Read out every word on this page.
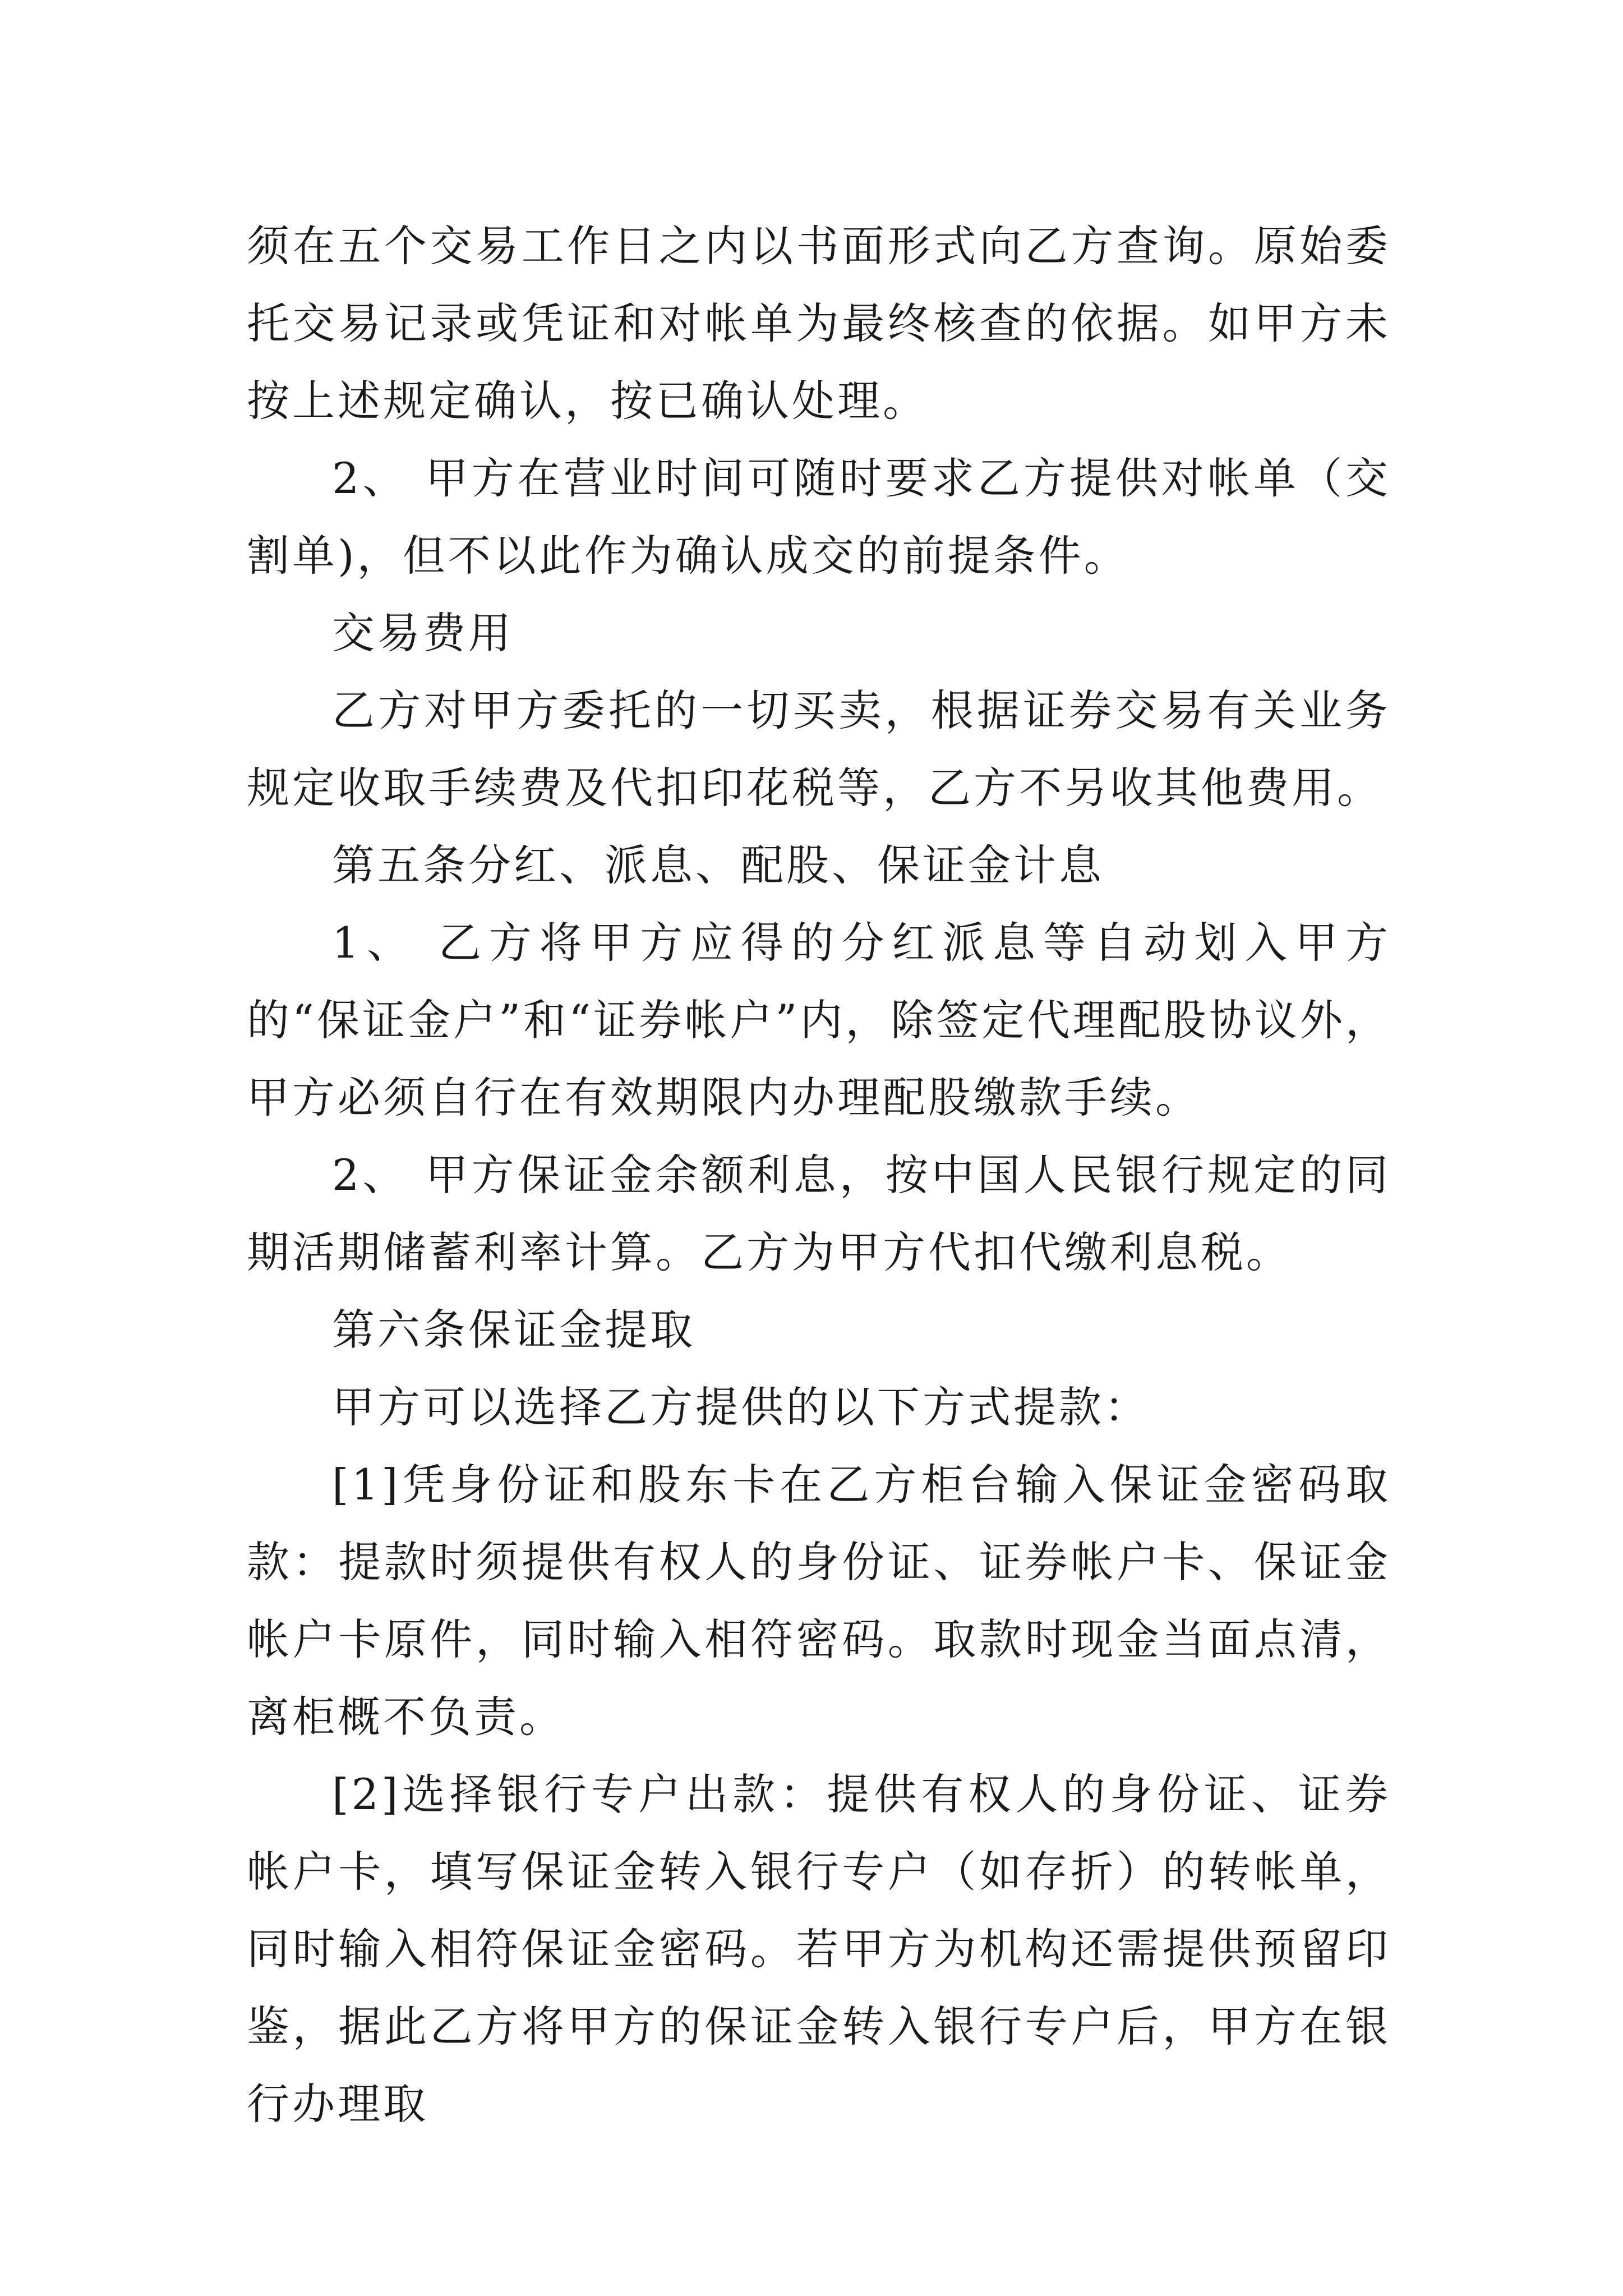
须在五个交易工作日之内以书面形式向乙方查询。原始委托交易记录或凭证和对帐单为最终核查的依据。如甲方未按上述规定确认，按已确认处理。

2、 甲方在营业时间可随时要求乙方提供对帐单（交割单)，但不以此作为确认成交的前提条件。

交易费用

乙方对甲方委托的一切买卖，根据证券交易有关业务规定收取手续费及代扣印花税等，乙方不另收其他费用。

第五条分红、派息、配股、保证金计息

1、 乙方将甲方应得的分红派息等自动划入甲方的“保证金户”和“证券帐户”内，除签定代理配股协议外，甲方必须自行在有效期限内办理配股缴款手续。

2、 甲方保证金余额利息，按中国人民银行规定的同期活期储蓄利率计算。乙方为甲方代扣代缴利息税。

第六条保证金提取

甲方可以选择乙方提供的以下方式提款：

[1]凭身份证和股东卡在乙方柜台输入保证金密码取款：提款时须提供有权人的身份证、证券帐户卡、保证金帐户卡原件，同时输入相符密码。取款时现金当面点清，离柜概不负责。

[2]选择银行专户出款：提供有权人的身份证、证券帐户卡，填写保证金转入银行专户（如存折）的转帐单，同时输入相符保证金密码。若甲方为机构还需提供预留印鉴，据此乙方将甲方的保证金转入银行专户后，甲方在银行办理取
